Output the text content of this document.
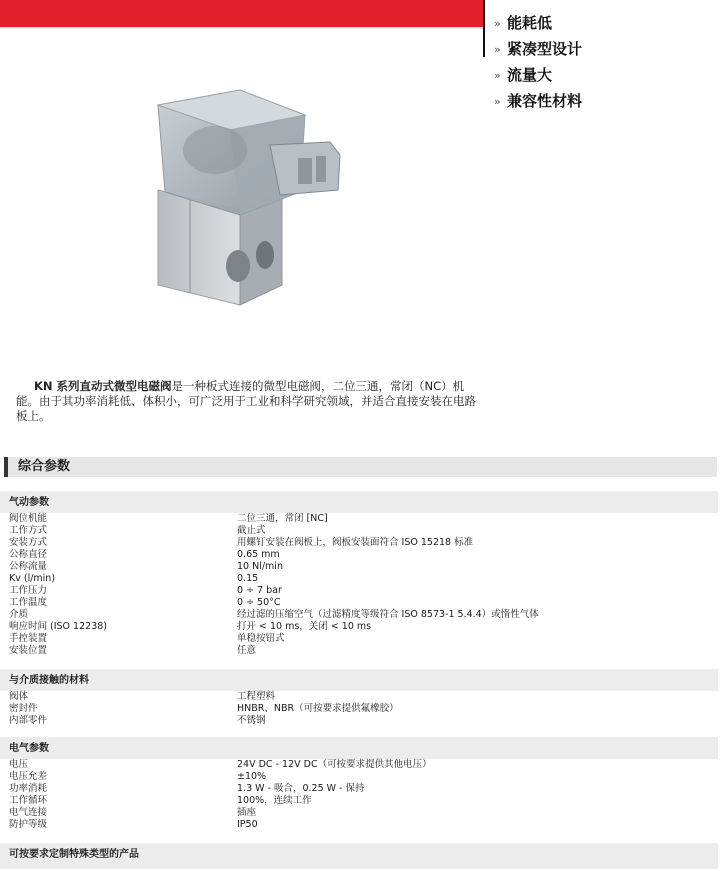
» 能耗低
» 紧凑型设计
» 流量大
» 兼容性材料

KN 系列直动式微型电磁阀是一种板式连接的微型电磁阀，二位三通，常闭（NC）机能。由于其功率消耗低、体积小，可广泛用于工业和科学研究领域，并适合直接安装在电路板上。

综合参数
气动参数
阀位机能	二位三通，常闭 [NC]
工作方式	截止式
安装方式	用螺钉安装在阀板上，阀板安装面符合 ISO 15218 标准
公称直径	0.65 mm
公称流量	10 Nl/min
Kv (l/min)	0.15
工作压力	0 ÷ 7 bar
工作温度	0 ÷ 50°C
介质	经过滤的压缩空气（过滤精度等级符合 ISO 8573-1 5.4.4）或惰性气体
响应时间 (ISO 12238)	打开 < 10 ms，关闭 < 10 ms
手控装置	单稳按钮式
安装位置	任意
与介质接触的材料
阀体	工程塑料
密封件	HNBR、NBR（可按要求提供氟橡胶）
内部零件	不锈钢
电气参数
电压	24V DC - 12V DC（可按要求提供其他电压）
电压允差	±10%
功率消耗	1.3 W - 吸合，0.25 W - 保持
工作循环	100%，连续工作
电气连接	插座
防护等级	IP50
可按要求定制特殊类型的产品
